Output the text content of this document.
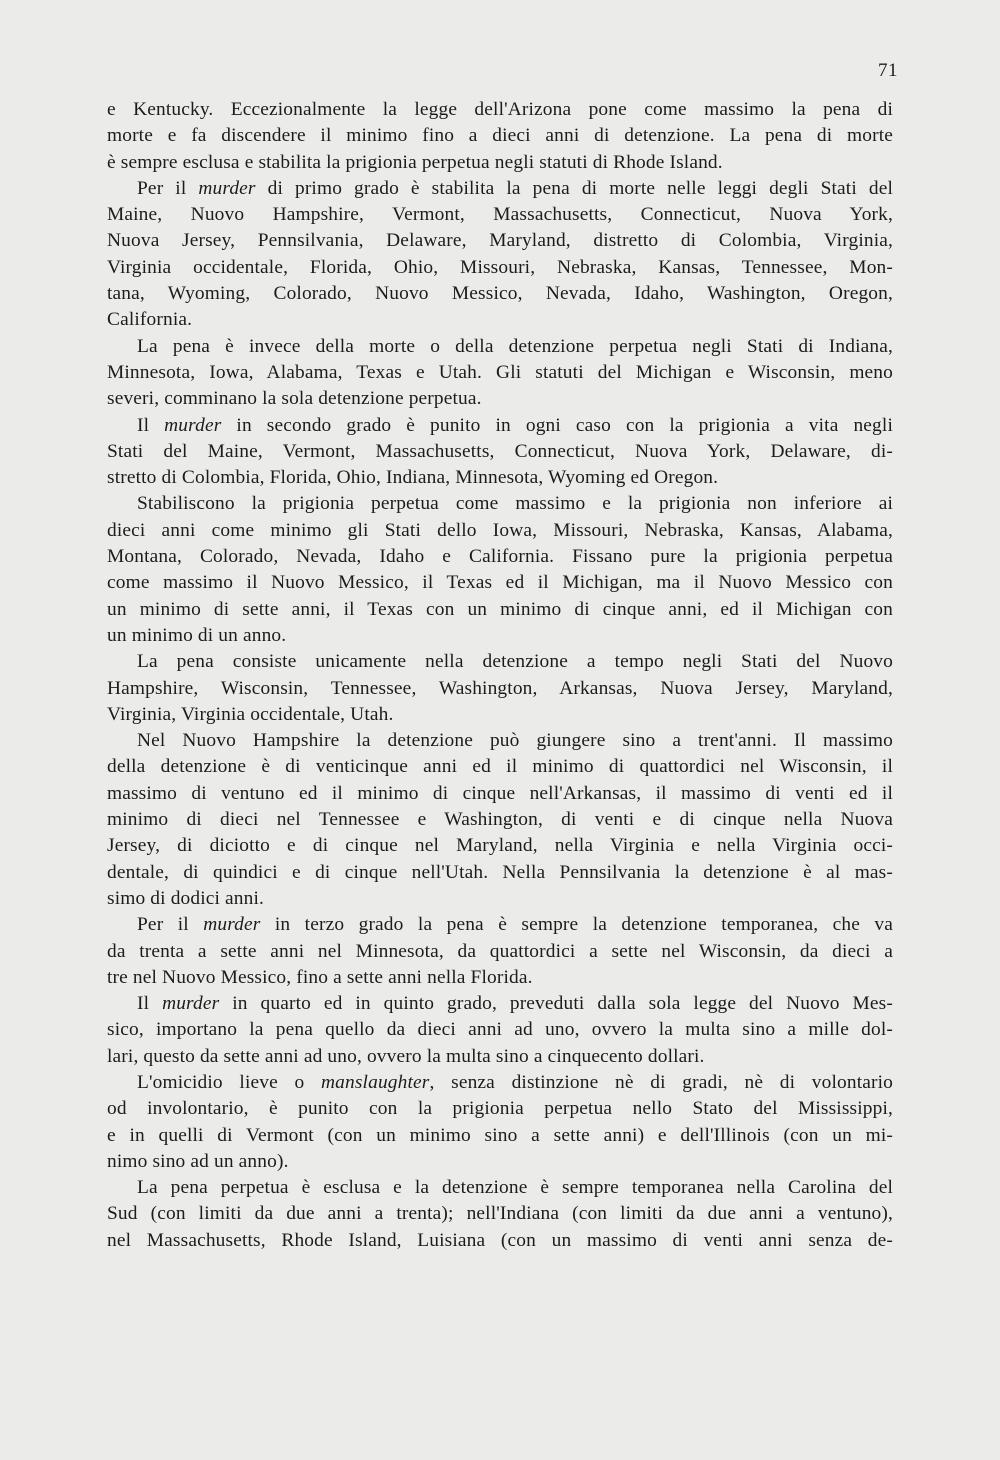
71
e Kentucky. Eccezionalmente la legge dell'Arizona pone come massimo la pena di
morte e fa discendere il minimo fino a dieci anni di detenzione. La pena di morte
è sempre esclusa e stabilita la prigionia perpetua negli statuti di Rhode Island.
Per il murder di primo grado è stabilita la pena di morte nelle leggi degli Stati del
Maine, Nuovo Hampshire, Vermont, Massachusetts, Connecticut, Nuova York,
Nuova Jersey, Pennsilvania, Delaware, Maryland, distretto di Colombia, Virginia,
Virginia occidentale, Florida, Ohio, Missouri, Nebraska, Kansas, Tennessee, Mon-
tana, Wyoming, Colorado, Nuovo Messico, Nevada, Idaho, Washington, Oregon,
California.
La pena è invece della morte o della detenzione perpetua negli Stati di Indiana,
Minnesota, Iowa, Alabama, Texas e Utah. Gli statuti del Michigan e Wisconsin, meno
severi, comminano la sola detenzione perpetua.
Il murder in secondo grado è punito in ogni caso con la prigionia a vita negli
Stati del Maine, Vermont, Massachusetts, Connecticut, Nuova York, Delaware, di-
stretto di Colombia, Florida, Ohio, Indiana, Minnesota, Wyoming ed Oregon.
Stabiliscono la prigionia perpetua come massimo e la prigionia non inferiore ai
dieci anni come minimo gli Stati dello Iowa, Missouri, Nebraska, Kansas, Alabama,
Montana, Colorado, Nevada, Idaho e California. Fissano pure la prigionia perpetua
come massimo il Nuovo Messico, il Texas ed il Michigan, ma il Nuovo Messico con
un minimo di sette anni, il Texas con un minimo di cinque anni, ed il Michigan con
un minimo di un anno.
La pena consiste unicamente nella detenzione a tempo negli Stati del Nuovo
Hampshire, Wisconsin, Tennessee, Washington, Arkansas, Nuova Jersey, Maryland,
Virginia, Virginia occidentale, Utah.
Nel Nuovo Hampshire la detenzione può giungere sino a trent'anni. Il massimo
della detenzione è di venticinque anni ed il minimo di quattordici nel Wisconsin, il
massimo di ventuno ed il minimo di cinque nell'Arkansas, il massimo di venti ed il
minimo di dieci nel Tennessee e Washington, di venti e di cinque nella Nuova
Jersey, di diciotto e di cinque nel Maryland, nella Virginia e nella Virginia occi-
dentale, di quindici e di cinque nell'Utah. Nella Pennsilvania la detenzione è al mas-
simo di dodici anni.
Per il murder in terzo grado la pena è sempre la detenzione temporanea, che va
da trenta a sette anni nel Minnesota, da quattordici a sette nel Wisconsin, da dieci a
tre nel Nuovo Messico, fino a sette anni nella Florida.
Il murder in quarto ed in quinto grado, preveduti dalla sola legge del Nuovo Mes-
sico, importano la pena quello da dieci anni ad uno, ovvero la multa sino a mille dol-
lari, questo da sette anni ad uno, ovvero la multa sino a cinquecento dollari.
L'omicidio lieve o manslaughter, senza distinzione nè di gradi, nè di volontario
od involontario, è punito con la prigionia perpetua nello Stato del Mississippi,
e in quelli di Vermont (con un minimo sino a sette anni) e dell'Illinois (con un mi-
nimo sino ad un anno).
La pena perpetua è esclusa e la detenzione è sempre temporanea nella Carolina del
Sud (con limiti da due anni a trenta); nell'Indiana (con limiti da due anni a ventuno),
nel Massachusetts, Rhode Island, Luisiana (con un massimo di venti anni senza de-
